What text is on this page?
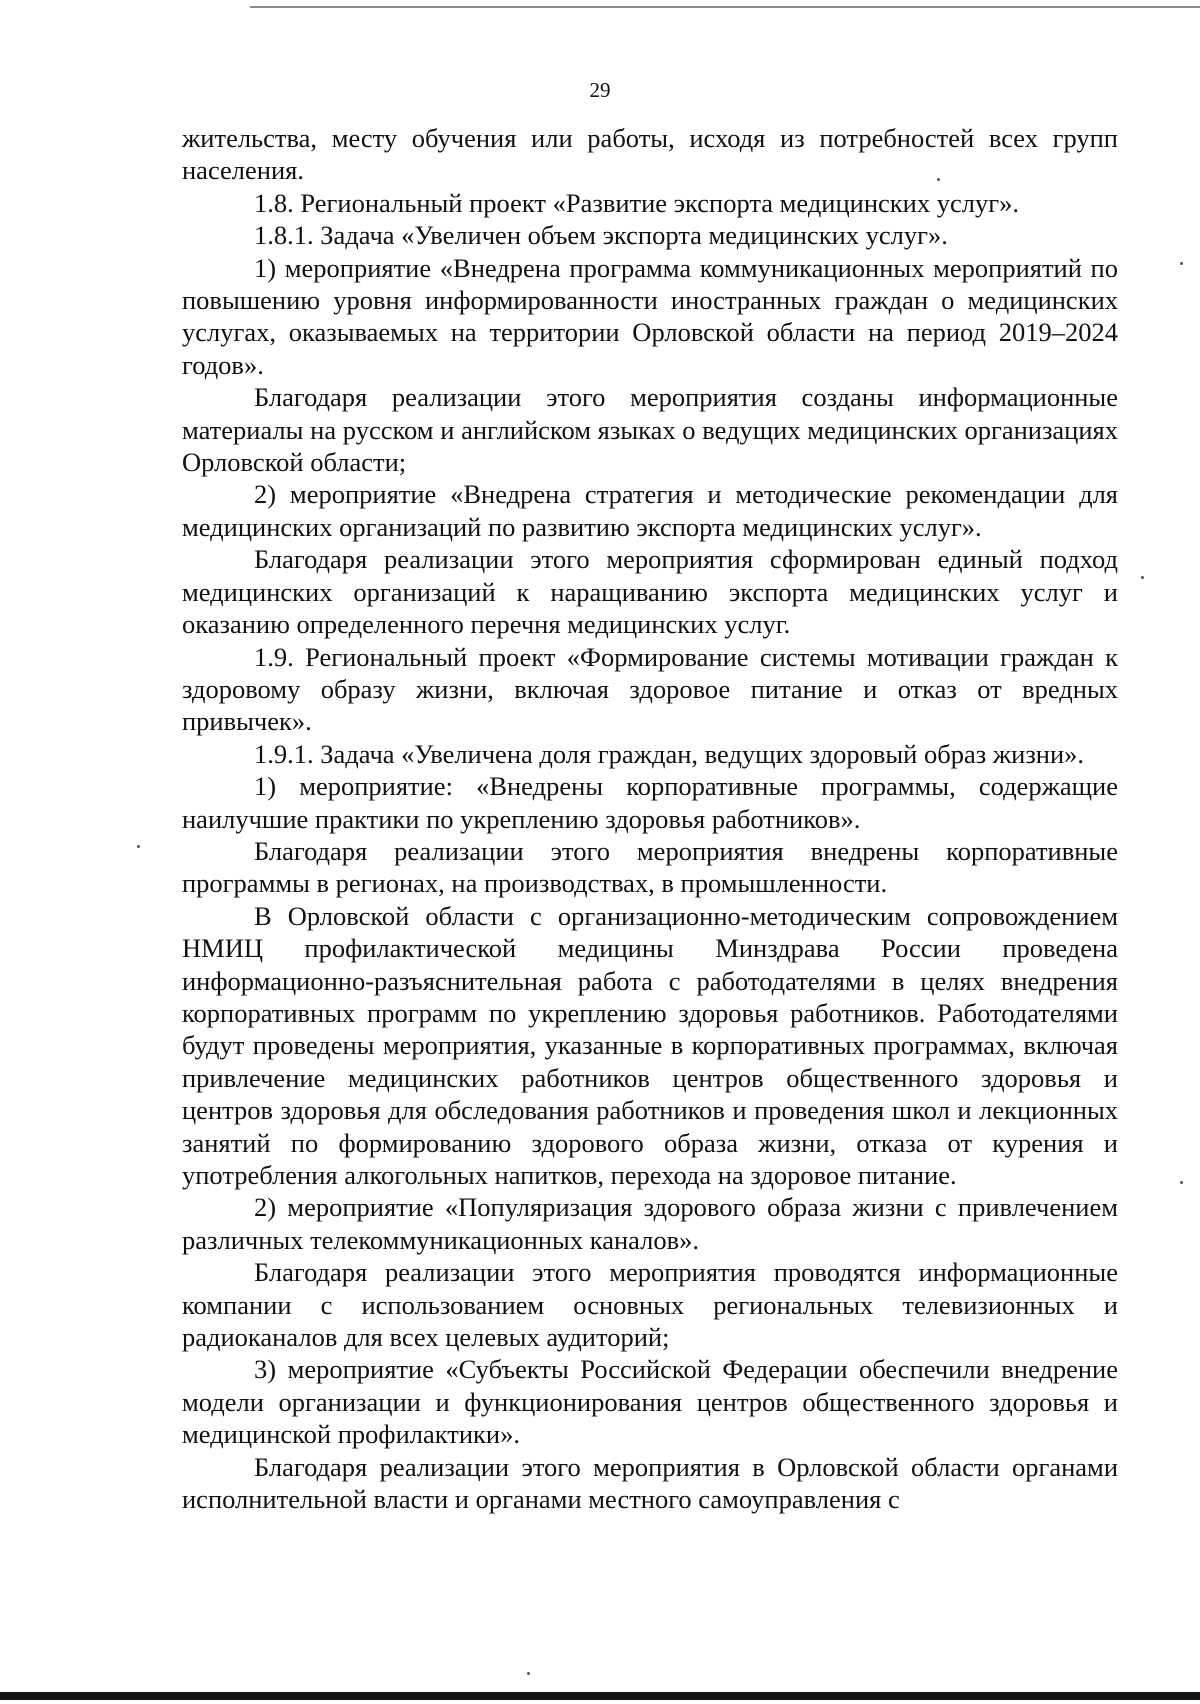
29

жительства, месту обучения или работы, исходя из потребностей всех групп населения.

1.8. Региональный проект «Развитие экспорта медицинских услуг».

1.8.1. Задача «Увеличен объем экспорта медицинских услуг».

1) мероприятие «Внедрена программа коммуникационных мероприятий по повышению уровня информированности иностранных граждан о медицинских услугах, оказываемых на территории Орловской области на период 2019–2024 годов».

Благодаря реализации этого мероприятия созданы информационные материалы на русском и английском языках о ведущих медицинских организациях Орловской области;

2) мероприятие «Внедрена стратегия и методические рекомендации для медицинских организаций по развитию экспорта медицинских услуг».

Благодаря реализации этого мероприятия сформирован единый подход медицинских организаций к наращиванию экспорта медицинских услуг и оказанию определенного перечня медицинских услуг.

1.9. Региональный проект «Формирование системы мотивации граждан к здоровому образу жизни, включая здоровое питание и отказ от вредных привычек».

1.9.1. Задача «Увеличена доля граждан, ведущих здоровый образ жизни».

1) мероприятие: «Внедрены корпоративные программы, содержащие наилучшие практики по укреплению здоровья работников».

Благодаря реализации этого мероприятия внедрены корпоративные программы в регионах, на производствах, в промышленности.

В Орловской области с организационно-методическим сопровождением НМИЦ профилактической медицины Минздрава России проведена информационно-разъяснительная работа с работодателями в целях внедрения корпоративных программ по укреплению здоровья работников. Работодателями будут проведены мероприятия, указанные в корпоративных программах, включая привлечение медицинских работников центров общественного здоровья и центров здоровья для обследования работников и проведения школ и лекционных занятий по формированию здорового образа жизни, отказа от курения и употребления алкогольных напитков, перехода на здоровое питание.

2) мероприятие «Популяризация здорового образа жизни с привлечением различных телекоммуникационных каналов».

Благодаря реализации этого мероприятия проводятся информационные компании с использованием основных региональных телевизионных и радиоканалов для всех целевых аудиторий;

3) мероприятие «Субъекты Российской Федерации обеспечили внедрение модели организации и функционирования центров общественного здоровья и медицинской профилактики».

Благодаря реализации этого мероприятия в Орловской области органами исполнительной власти и органами местного самоуправления с
